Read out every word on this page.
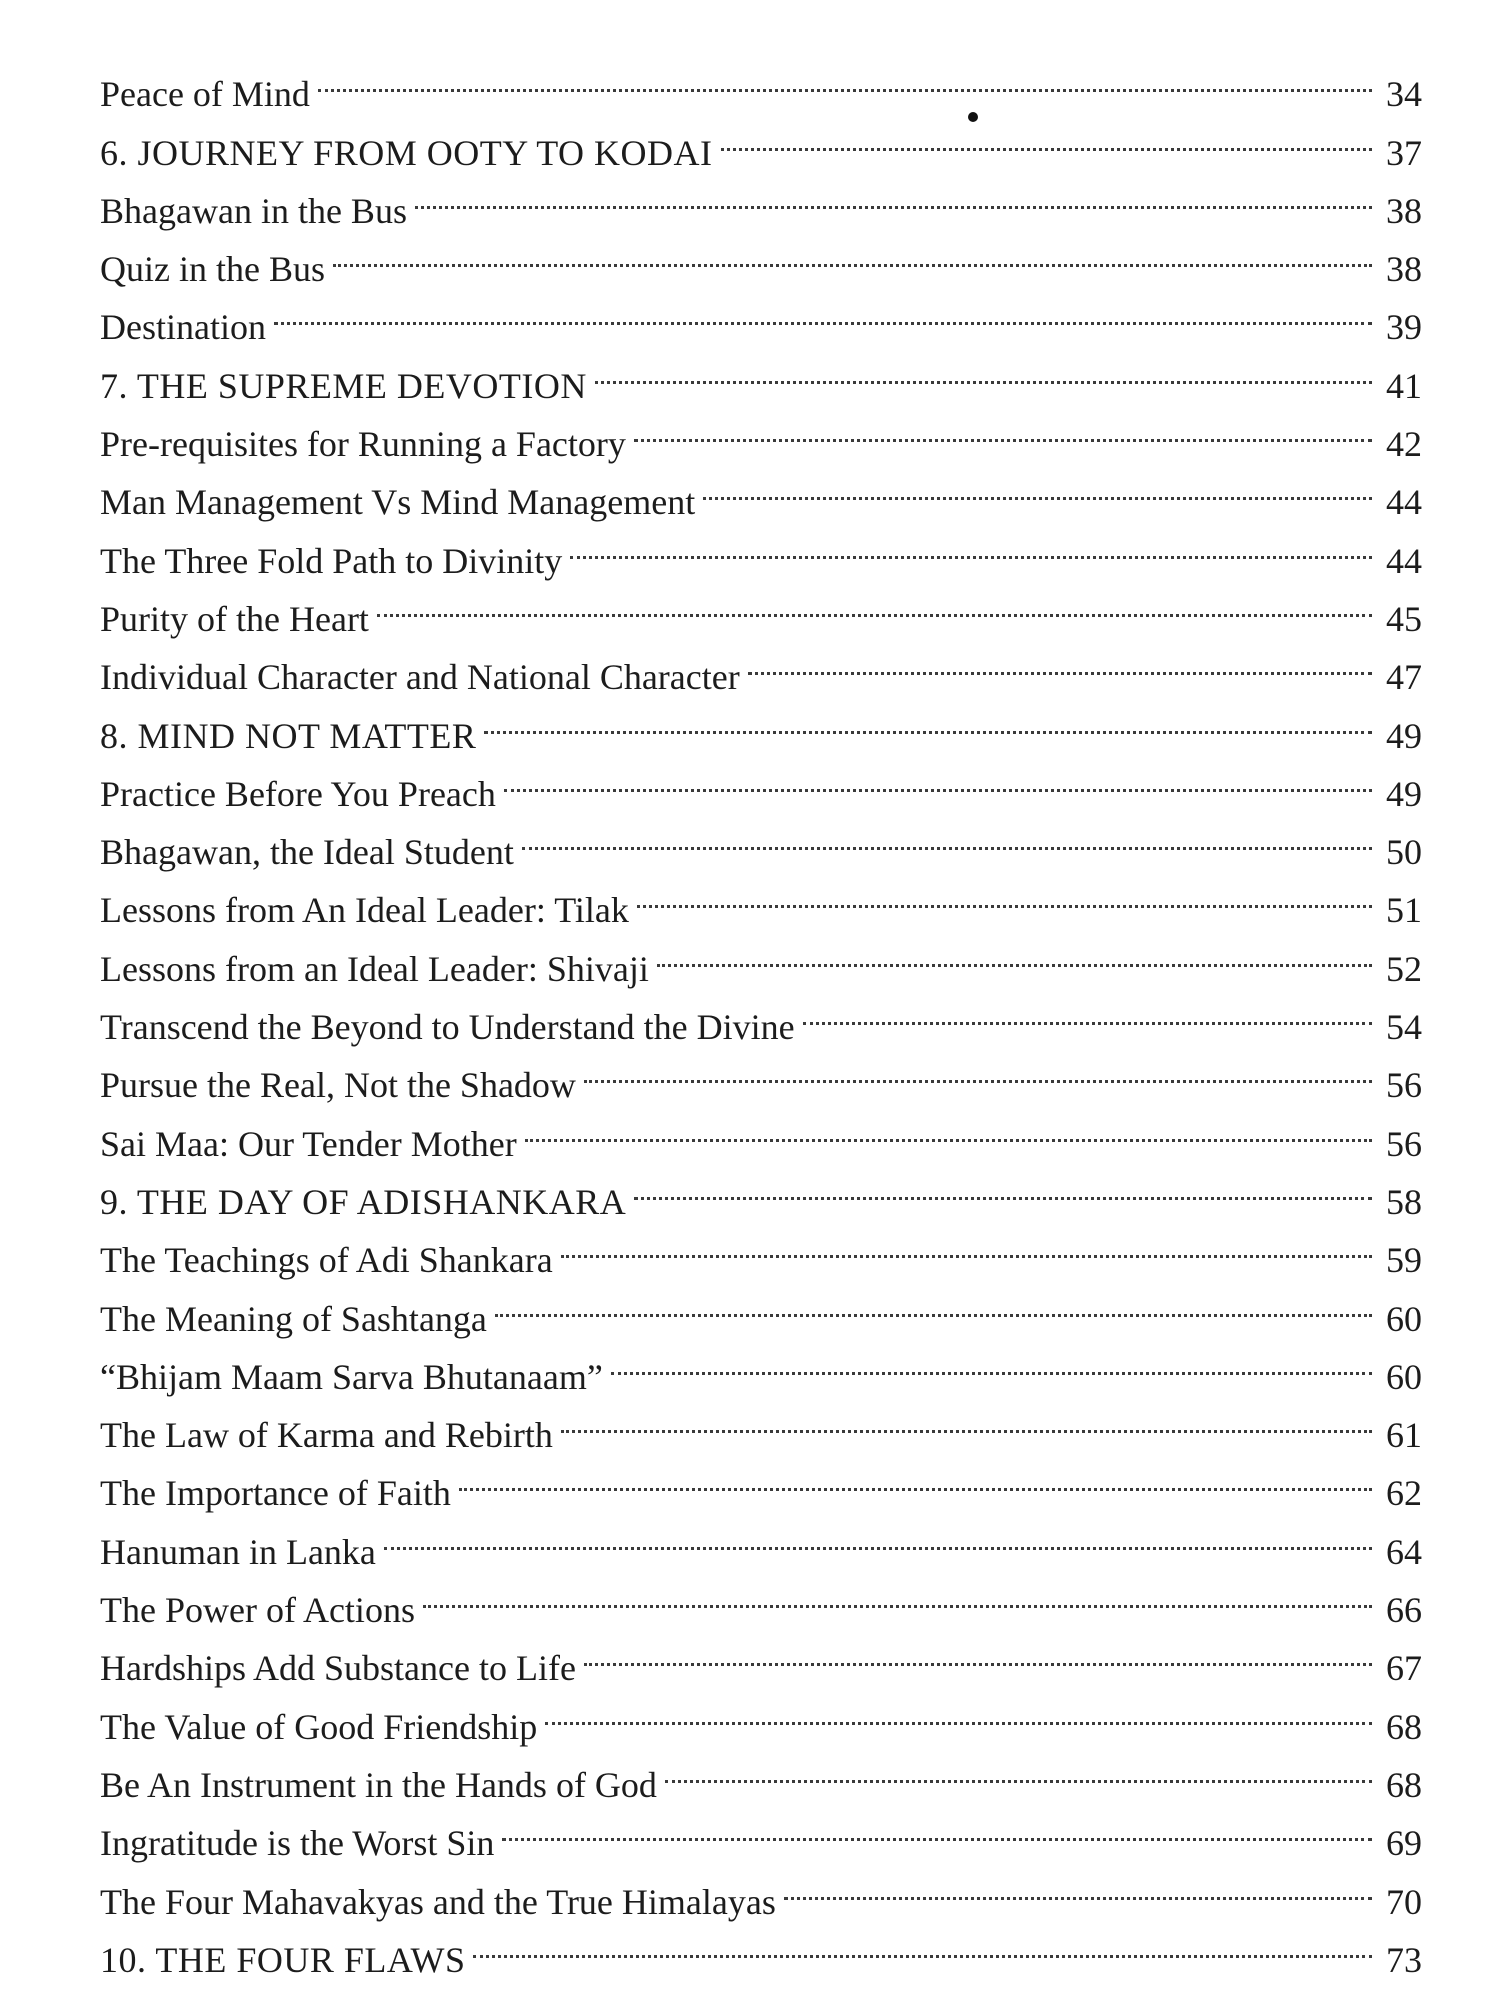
Peace of Mind	34
6. JOURNEY FROM OOTY TO KODAI	37
Bhagawan in the Bus	38
Quiz in the Bus	38
Destination	39
7. THE SUPREME DEVOTION	41
Pre-requisites for Running a Factory	42
Man Management Vs Mind Management	44
The Three Fold Path to Divinity	44
Purity of the Heart	45
Individual Character and National Character	47
8. MIND NOT MATTER	49
Practice Before You Preach	49
Bhagawan, the Ideal Student	50
Lessons from An Ideal Leader: Tilak	51
Lessons from an Ideal Leader: Shivaji	52
Transcend the Beyond to Understand the Divine	54
Pursue the Real, Not the Shadow	56
Sai Maa: Our Tender Mother	56
9. THE DAY OF ADISHANKARA	58
The Teachings of Adi Shankara	59
The Meaning of Sashtanga	60
“Bhijam Maam Sarva Bhutanaam”	60
The Law of Karma and Rebirth	61
The Importance of Faith	62
Hanuman in Lanka	64
The Power of Actions	66
Hardships Add Substance to Life	67
The Value of Good Friendship	68
Be An Instrument in the Hands of God	68
Ingratitude is the Worst Sin	69
The Four Mahavakyas and the True Himalayas	70
10. THE FOUR FLAWS	73
